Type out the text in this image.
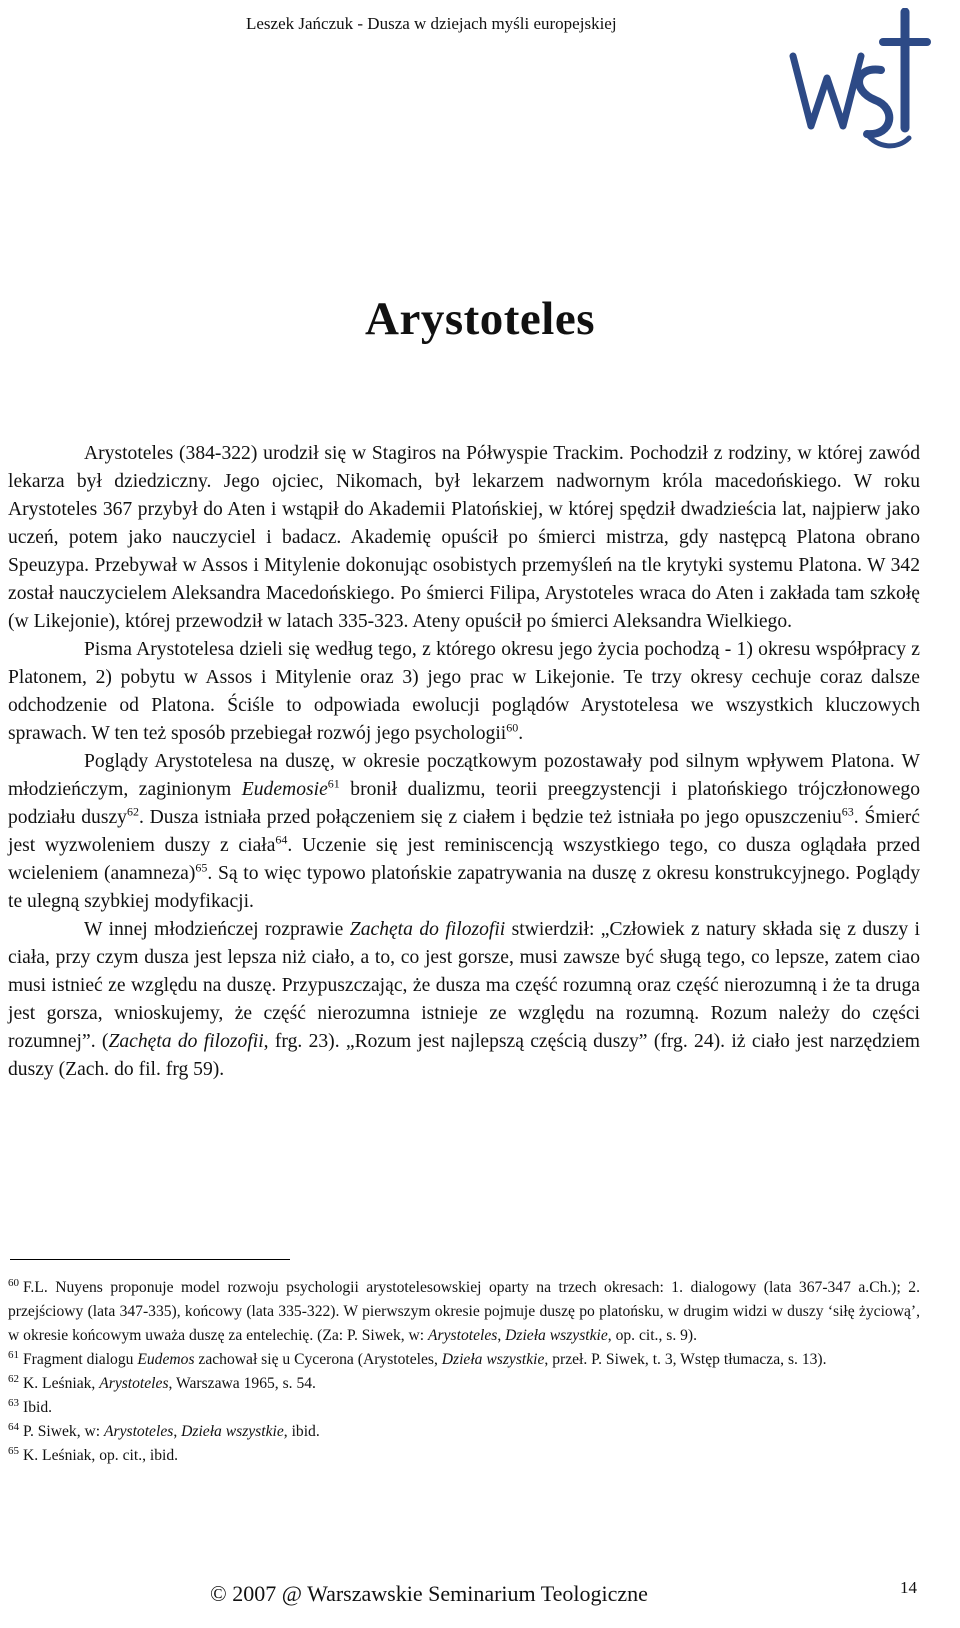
Leszek Jańczuk - Dusza w dziejach myśli europejskiej
Arystoteles

Arystoteles (384-322) urodził się w Stagiros na Półwyspie Trackim. Pochodził z rodziny, w której zawód lekarza był dziedziczny. Jego ojciec, Nikomach, był lekarzem nadwornym króla macedońskiego. W roku Arystoteles 367 przybył do Aten i wstąpił do Akademii Platońskiej, w której spędził dwadzieścia lat, najpierw jako uczeń, potem jako nauczyciel i badacz. Akademię opuścił po śmierci mistrza, gdy następcą Platona obrano Speuzypa. Przebywał w Assos i Mitylenie dokonując osobistych przemyśleń na tle krytyki systemu Platona. W 342 został nauczycielem Aleksandra Macedońskiego. Po śmierci Filipa, Arystoteles wraca do Aten i zakłada tam szkołę (w Likejonie), której przewodził w latach 335-323. Ateny opuścił po śmierci Aleksandra Wielkiego.

Pisma Arystotelesa dzieli się według tego, z którego okresu jego życia pochodzą - 1) okresu współpracy z Platonem, 2) pobytu w Assos i Mitylenie oraz 3) jego prac w Likejonie. Te trzy okresy cechuje coraz dalsze odchodzenie od Platona. Ściśle to odpowiada ewolucji poglądów Arystotelesa we wszystkich kluczowych sprawach. W ten też sposób przebiegał rozwój jego psychologii$^{60}$.

Poglądy Arystotelesa na duszę, w okresie początkowym pozostawały pod silnym wpływem Platona. W młodzieńczym, zaginionym Eudemosie$^{61}$ bronił dualizmu, teorii preegzystencji i platońskiego trójczłonowego podziału duszy$^{62}$. Dusza istniała przed połączeniem się z ciałem i będzie też istniała po jego opuszczeniu$^{63}$. Śmierć jest wyzwoleniem duszy z ciała$^{64}$. Uczenie się jest reminiscencją wszystkiego tego, co dusza oglądała przed wcieleniem (anamneza)$^{65}$. Są to więc typowo platońskie zapatrywania na duszę z okresu konstrukcyjnego. Poglądy te ulegną szybkiej modyfikacji.

W innej młodzieńczej rozprawie Zachęta do filozofii stwierdził: „Człowiek z natury składa się z duszy i ciała, przy czym dusza jest lepsza niż ciało, a to, co jest gorsze, musi zawsze być sługą tego, co lepsze, zatem ciao musi istnieć ze względu na duszę. Przypuszczając, że dusza ma część rozumną oraz część nierozumną i że ta druga jest gorsza, wnioskujemy, że część nierozumna istnieje ze względu na rozumną. Rozum należy do części rozumnej”. (Zachęta do filozofii, frg. 23). „Rozum jest najlepszą częścią duszy” (frg. 24). iż ciało jest narzędziem duszy (Zach. do fil. frg 59).

$^{60}$ F.L. Nuyens proponuje model rozwoju psychologii arystotelesowskiej oparty na trzech okresach: 1. dialogowy (lata 367-347 a.Ch.); 2. przejściowy (lata 347-335), końcowy (lata 335-322). W pierwszym okresie pojmuje duszę po platońsku, w drugim widzi w duszy ‘siłę życiową’, w okresie końcowym uważa duszę za entelechię. (Za: P. Siwek, w: Arystoteles, Dzieła wszystkie, op. cit., s. 9).
$^{61}$ Fragment dialogu Eudemos zachował się u Cycerona (Arystoteles, Dzieła wszystkie, przeł. P. Siwek, t. 3, Wstęp tłumacza, s. 13).
$^{62}$ K. Leśniak, Arystoteles, Warszawa 1965, s. 54.
$^{63}$ Ibid.
$^{64}$ P. Siwek, w: Arystoteles, Dzieła wszystkie, ibid.
$^{65}$ K. Leśniak, op. cit., ibid.
© 2007 @ Warszawskie Seminarium Teologiczne	14
